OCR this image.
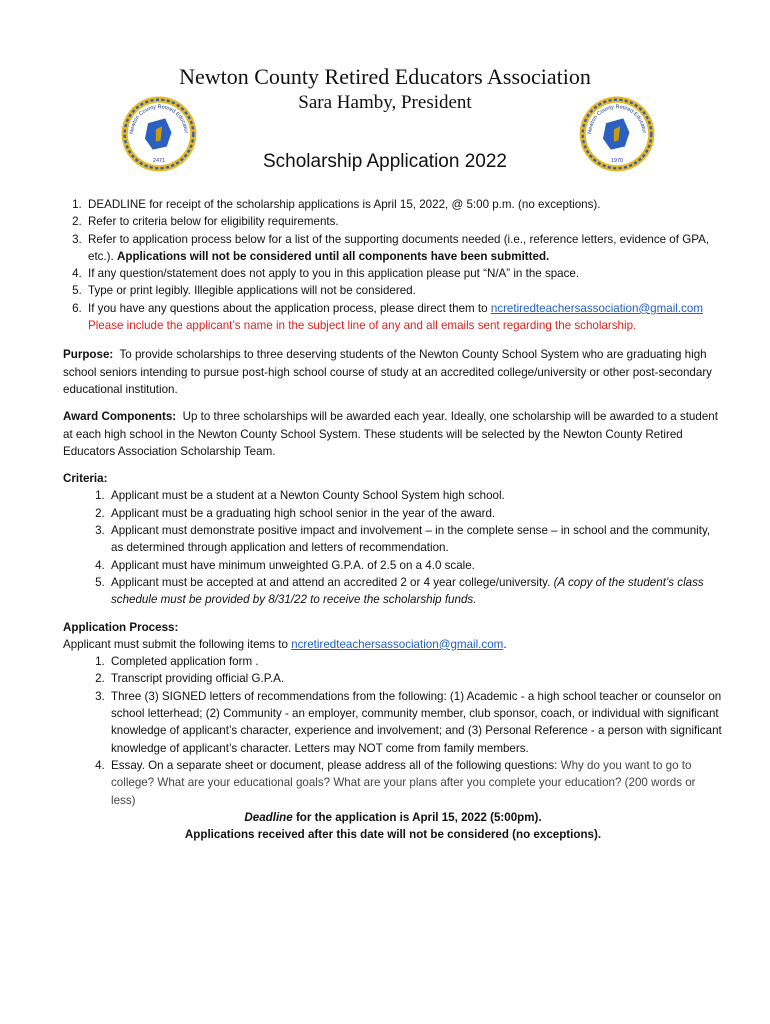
Newton County Retired Educators Association
Sara Hamby, President
Newton County Retired Educator
2471
Newton County Retired Educator
1970
Scholarship Application 2022
1. DEADLINE for receipt of the scholarship applications is April 15, 2022, @ 5:00 p.m. (no exceptions).
2. Refer to criteria below for eligibility requirements.
3. Refer to application process below for a list of the supporting documents needed (i.e., reference letters, evidence of GPA, etc.). Applications will not be considered until all components have been submitted.
4. If any question/statement does not apply to you in this application please put “N/A” in the space.
5. Type or print legibly. Illegible applications will not be considered.
6. If you have any questions about the application process, please direct them to ncretiredteachersassociation@gmail.com  Please include the applicant’s name in the subject line of any and all emails sent regarding the scholarship.

Purpose: To provide scholarships to three deserving students of the Newton County School System who are graduating high school seniors intending to pursue post-high school course of study at an accredited college/university or other post-secondary educational institution.

Award Components: Up to three scholarships will be awarded each year. Ideally, one scholarship will be awarded to a student at each high school in the Newton County School System. These students will be selected by the Newton County Retired Educators Association Scholarship Team.

Criteria:

1. Applicant must be a student at a Newton County School System high school.
2. Applicant must be a graduating high school senior in the year of the award.
3. Applicant must demonstrate positive impact and involvement – in the complete sense – in school and the community, as determined through application and letters of recommendation.
4. Applicant must have minimum unweighted G.P.A. of 2.5 on a 4.0 scale.
5. Applicant must be accepted at and attend an accredited 2 or 4 year college/university. (A copy of the student’s class schedule must be provided by 8/31/22 to receive the scholarship funds.

Application Process:

Applicant must submit the following items to ncretiredteachersassociation@gmail.com.

1. Completed application form .
2. Transcript providing official G.P.A.
3. Three (3) SIGNED letters of recommendations from the following: (1) Academic - a high school teacher or counselor on school letterhead; (2) Community - an employer, community member, club sponsor, coach, or individual with significant knowledge of applicant’s character, experience and involvement; and (3) Personal Reference - a person with significant knowledge of applicant’s character. Letters may NOT come from family members.
4. Essay. On a separate sheet or document, please address all of the following questions: Why do you want to go to college? What are your educational goals? What are your plans after you complete your education? (200 words or less)

Deadline for the application is April 15, 2022 (5:00pm).

Applications received after this date will not be considered (no exceptions).
